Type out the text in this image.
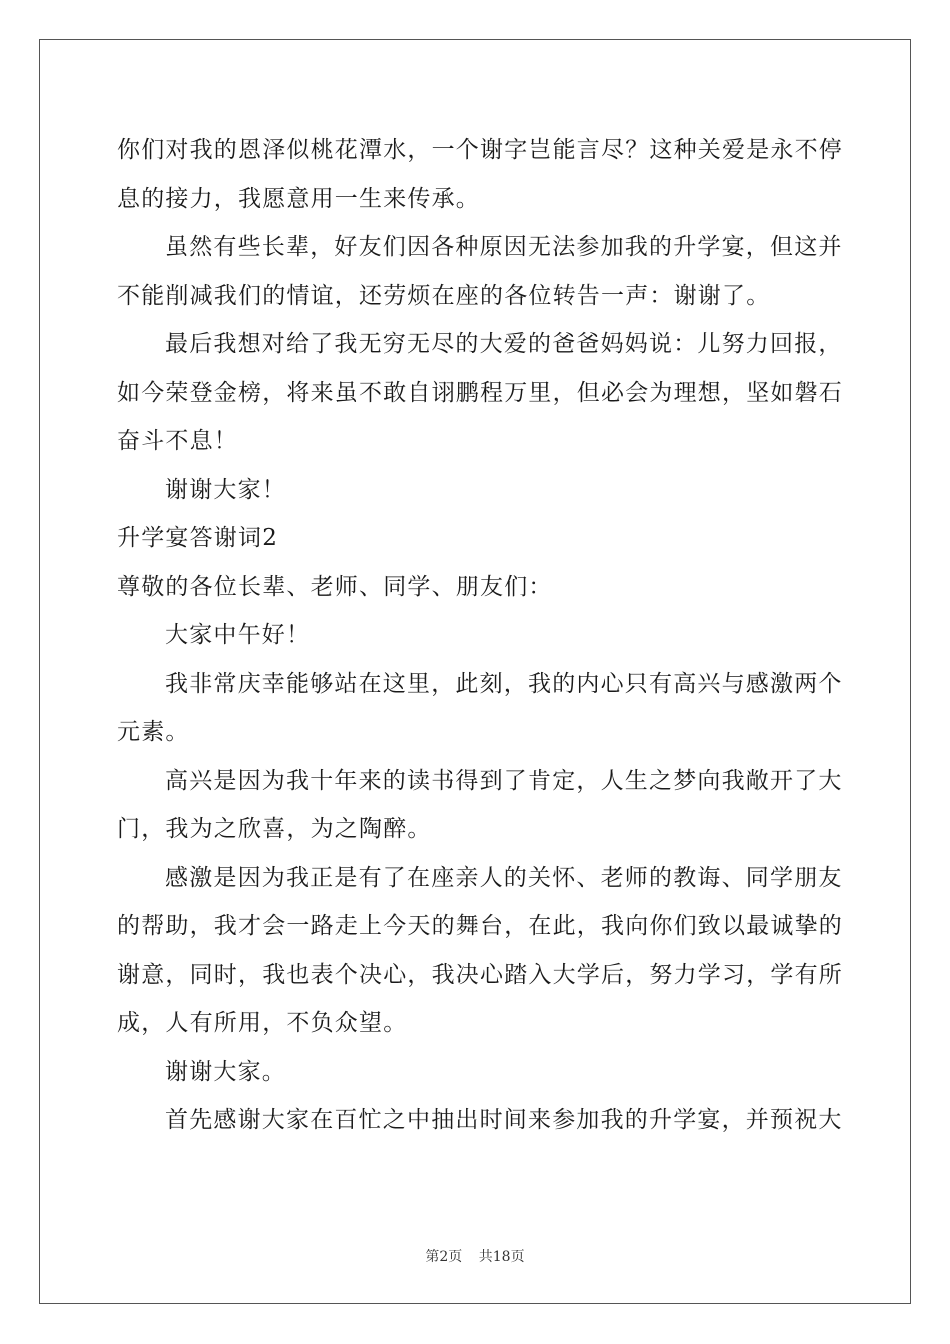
你们对我的恩泽似桃花潭水，一个谢字岂能言尽？这种关爱是永不停
息的接力，我愿意用一生来传承。
虽然有些长辈，好友们因各种原因无法参加我的升学宴，但这并
不能削减我们的情谊，还劳烦在座的各位转告一声：谢谢了。
最后我想对给了我无穷无尽的大爱的爸爸妈妈说：儿努力回报，
如今荣登金榜，将来虽不敢自诩鹏程万里，但必会为理想，坚如磐石
奋斗不息！
谢谢大家！
升学宴答谢词2
尊敬的各位长辈、老师、同学、朋友们：
大家中午好！
我非常庆幸能够站在这里，此刻，我的内心只有高兴与感激两个
元素。
高兴是因为我十年来的读书得到了肯定，人生之梦向我敞开了大
门，我为之欣喜，为之陶醉。
感激是因为我正是有了在座亲人的关怀、老师的教诲、同学朋友
的帮助，我才会一路走上今天的舞台，在此，我向你们致以最诚挚的
谢意，同时，我也表个决心，我决心踏入大学后，努力学习，学有所
成，人有所用，不负众望。
谢谢大家。
首先感谢大家在百忙之中抽出时间来参加我的升学宴，并预祝大
第2页 共18页
